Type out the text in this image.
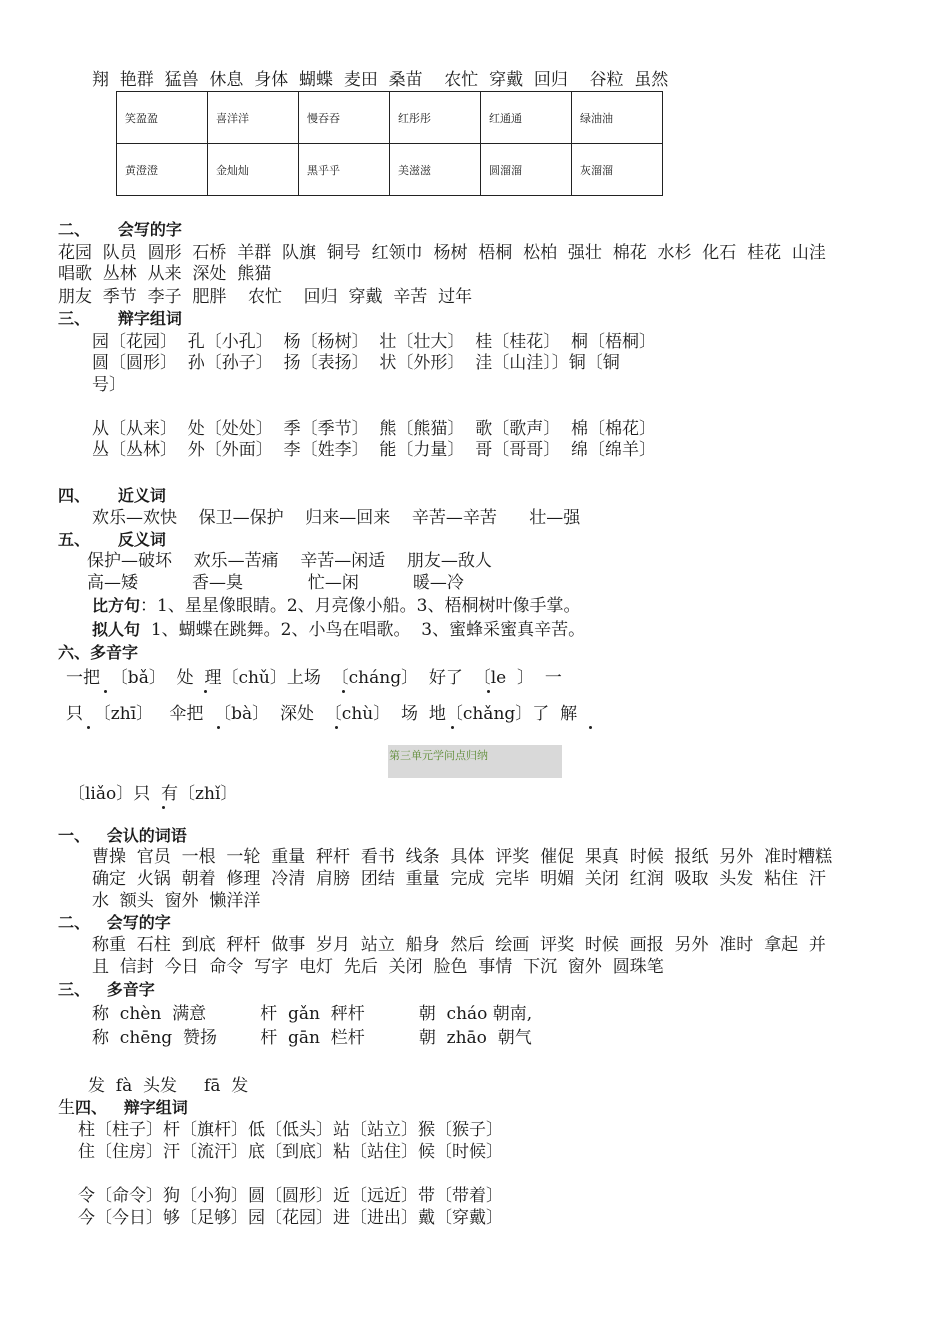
翔  艳群  猛兽  休息  身体  蝴蝶  麦田  桑苗    农忙  穿戴  回归    谷粒  虽然
笑盈盈	喜洋洋	慢吞吞	红彤彤	红通通	绿油油
黄澄澄	金灿灿	黑乎乎	美滋滋	圆溜溜	灰溜溜
二、     会写的字
花园  队员  圆形  石桥  羊群  队旗  铜号  红领巾  杨树  梧桐  松柏  强壮  棉花  水杉  化石  桂花  山洼
唱歌  丛林  从来  深处  熊猫
朋友  季节  李子  肥胖    农忙    回归  穿戴  辛苦  过年
三、     辩字组词
园〔花园〕  孔〔小孔〕  杨〔杨树〕  壮〔壮大〕  桂〔桂花〕  桐〔梧桐〕
圆〔圆形〕  孙〔孙子〕  扬〔表扬〕  状〔外形〕  洼〔山洼〕〕铜〔铜
号〕
从〔从来〕  处〔处处〕  季〔季节〕  熊〔熊猫〕  歌〔歌声〕  棉〔棉花〕
丛〔丛林〕  外〔外面〕  李〔姓李〕  能〔力量〕  哥〔哥哥〕  绵〔绵羊〕
四、     近义词
欢乐—欢快    保卫—保护    归来—回来    辛苦—辛苦      壮—强
五、     反义词
保护—破坏    欢乐—苦痛    辛苦—闲适    朋友—敌人
高—矮          香—臭            忙—闲          暖—冷
比方句：1、星星像眼睛。2、月亮像小船。3、梧桐树叶像手掌。
拟人句  1、蝴蝶在跳舞。2、小鸟在唱歌。  3、蜜蜂采蜜真辛苦。
六、多音字
一把  〔bǎ〕  处  理〔chǔ〕上场  〔cháng〕  好了  〔le  〕  一
只  〔zhī〕   伞把  〔bà〕  深处  〔chù〕  场  地〔chǎng〕了  解
第三单元学问点归纳
〔liǎo〕只  有〔zhǐ〕
一、   会认的词语
曹操  官员  一根  一轮  重量  秤杆  看书  线条  具体  评奖  催促  果真  时候  报纸  另外  准时糟糕
确定  火锅  朝着  修理  冷清  肩膀  团结  重量  完成  完毕  明媚  关闭  红润  吸取  头发  粘住  汗
水  额头  窗外  懒洋洋
二、   会写的字
称重  石柱  到底  秤杆  做事  岁月  站立  船身  然后  绘画  评奖  时候  画报  另外  准时  拿起  并
且  信封  今日  命令  写字  电灯  先后  关闭  脸色  事情  下沉  窗外  圆珠笔
三、   多音字
称  chèn  满意          杆  gǎn  秤杆          朝  cháo 朝南,
称  chēng  赞扬        杆  gān  栏杆          朝  zhāo  朝气
发  fà  头发     fā  发
生四、   辩字组词
柱〔柱子〕杆〔旗杆〕低〔低头〕站〔站立〕猴〔猴子〕
住〔住房〕汗〔流汗〕底〔到底〕粘〔站住〕候〔时候〕
令〔命令〕狗〔小狗〕圆〔圆形〕近〔远近〕带〔带着〕
今〔今日〕够〔足够〕园〔花园〕进〔进出〕戴〔穿戴〕
